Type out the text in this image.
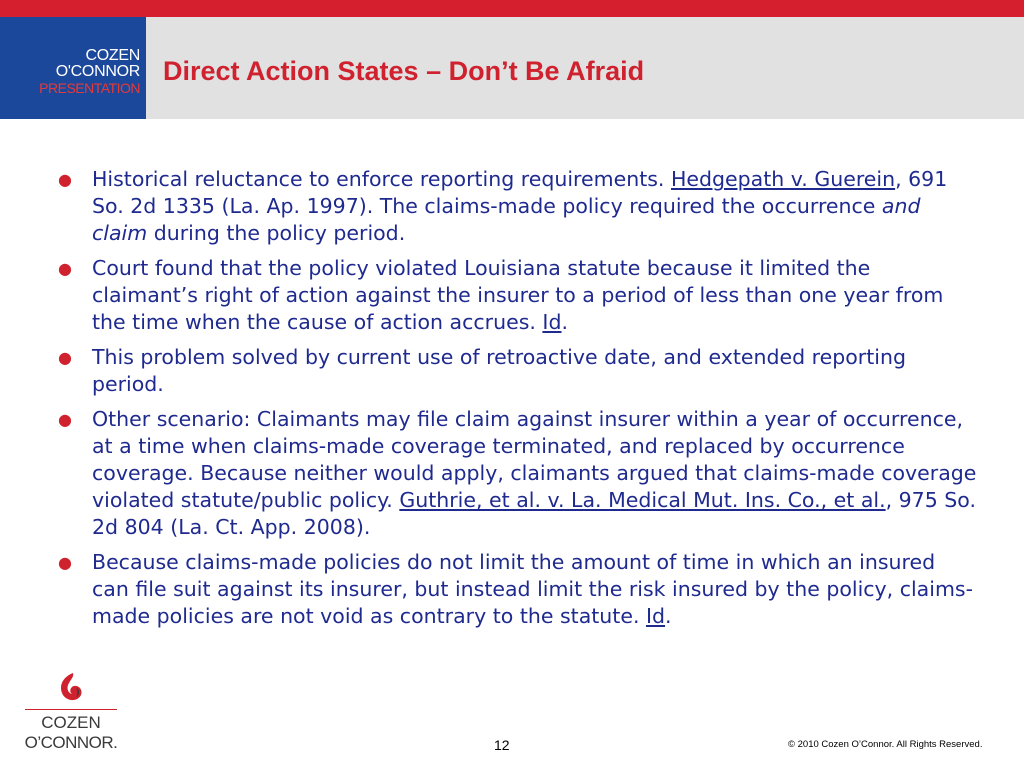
COZEN
O'CONNOR
PRESENTATION
Direct Action States – Don’t Be Afraid
● Historical reluctance to enforce reporting requirements. Hedgepath v. Guerein, 691 So. 2d 1335 (La. Ap. 1997). The claims-made policy required the occurrence and claim during the policy period.
● Court found that the policy violated Louisiana statute because it limited the claimant’s right of action against the insurer to a period of less than one year from the time when the cause of action accrues. Id.
● This problem solved by current use of retroactive date, and extended reporting period.
● Other scenario: Claimants may file claim against insurer within a year of occurrence, at a time when claims-made coverage terminated, and replaced by occurrence coverage. Because neither would apply, claimants argued that claims-made coverage violated statute/public policy. Guthrie, et al. v. La. Medical Mut. Ins. Co., et al., 975 So. 2d 804 (La. Ct. App. 2008).
● Because claims-made policies do not limit the amount of time in which an insured can file suit against its insurer, but instead limit the risk insured by the policy, claims-made policies are not void as contrary to the statute. Id.
COZEN
O’CONNOR.	12	© 2010 Cozen O’Connor. All Rights Reserved.
